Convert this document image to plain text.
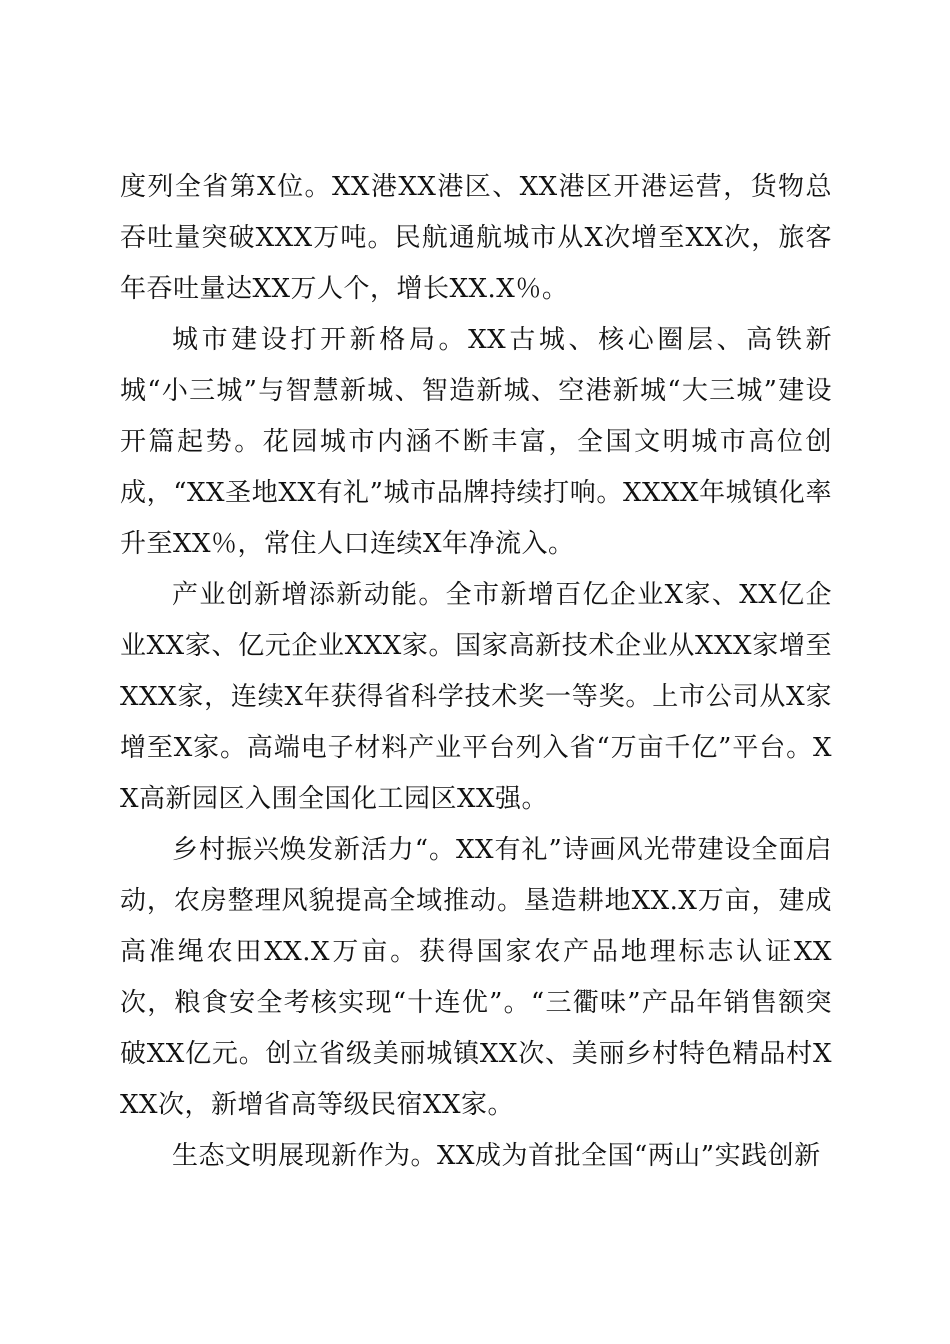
度列全省第X位。XX港XX港区、XX港区开港运营，货物总吞吐量突破XXX万吨。民航通航城市从X次增至XX次，旅客年吞吐量达XX万人个，增长XX.X％。

城市建设打开新格局。XX古城、核心圈层、高铁新城“小三城”与智慧新城、智造新城、空港新城“大三城”建设开篇起势。花园城市内涵不断丰富，全国文明城市高位创成，“XX圣地XX有礼”城市品牌持续打响。XXXX年城镇化率升至XX％，常住人口连续X年净流入。

产业创新增添新动能。全市新增百亿企业X家、XX亿企业XX家、亿元企业XXX家。国家高新技术企业从XXX家增至XXX家，连续X年获得省科学技术奖一等奖。上市公司从X家增至X家。高端电子材料产业平台列入省“万亩千亿”平台。XX高新园区入围全国化工园区XX强。

乡村振兴焕发新活力“。XX有礼”诗画风光带建设全面启动，农房整理风貌提高全域推动。垦造耕地XX.X万亩，建成高准绳农田XX.X万亩。获得国家农产品地理标志认证XX次，粮食安全考核实现“十连优”。“三衢味”产品年销售额突破XX亿元。创立省级美丽城镇XX次、美丽乡村特色精品村XXX次，新增省高等级民宿XX家。

生态文明展现新作为。XX成为首批全国“两山”实践创新
